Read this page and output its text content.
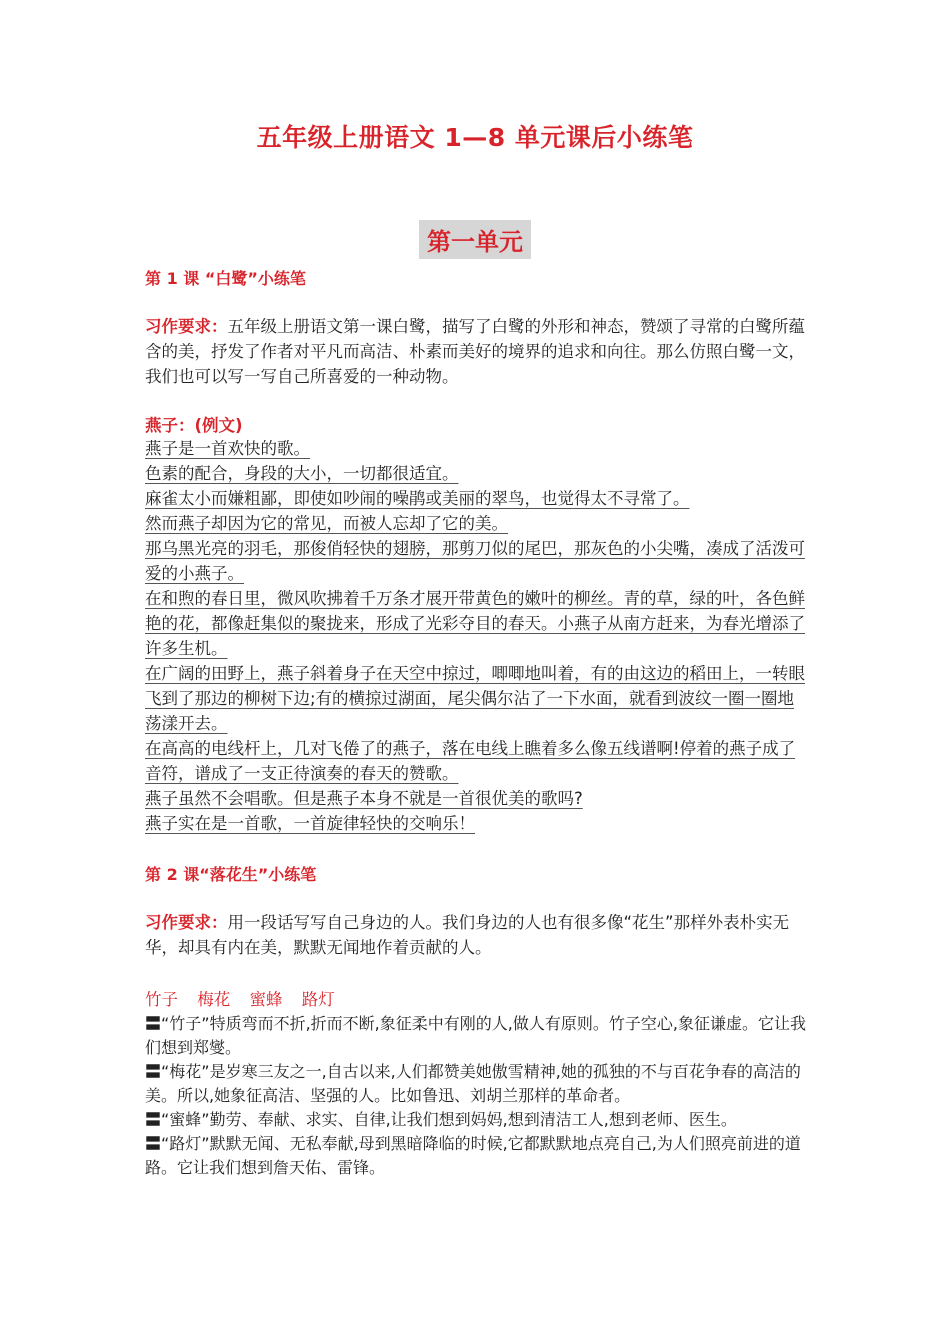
五年级上册语文 1—8 单元课后小练笔
第一单元
第 1 课 “白鹭”小练笔
习作要求：五年级上册语文第一课白鹭，描写了白鹭的外形和神态，赞颂了寻常的白鹭所蕴含的美，抒发了作者对平凡而高洁、朴素而美好的境界的追求和向往。那么仿照白鹭一文，我们也可以写一写自己所喜爱的一种动物。
燕子：(例文)
燕子是一首欢快的歌。
色素的配合，身段的大小，一切都很适宜。
麻雀太小而嫌粗鄙，即使如吵闹的噪鹃或美丽的翠鸟，也觉得太不寻常了。
然而燕子却因为它的常见，而被人忘却了它的美。
那乌黑光亮的羽毛，那俊俏轻快的翅膀，那剪刀似的尾巴，那灰色的小尖嘴，凑成了活泼可爱的小燕子。
在和煦的春日里，微风吹拂着千万条才展开带黄色的嫩叶的柳丝。青的草，绿的叶，各色鲜艳的花，都像赶集似的聚拢来，形成了光彩夺目的春天。小燕子从南方赶来，为春光增添了许多生机。
在广阔的田野上，燕子斜着身子在天空中掠过，唧唧地叫着，有的由这边的稻田上，一转眼飞到了那边的柳树下边;有的横掠过湖面，尾尖偶尔沾了一下水面，就看到波纹一圈一圈地荡漾开去。
在高高的电线杆上，几对飞倦了的燕子，落在电线上瞧着多么像五线谱啊!停着的燕子成了音符，谱成了一支正待演奏的春天的赞歌。
燕子虽然不会唱歌。但是燕子本身不就是一首很优美的歌吗?
燕子实在是一首歌，一首旋律轻快的交响乐！
第 2 课“落花生”小练笔
习作要求：用一段话写写自己身边的人。我们身边的人也有很多像“花生”那样外表朴实无华，却具有内在美，默默无闻地作着贡献的人。
竹子 梅花 蜜蜂 路灯
〓“竹子”特质弯而不折,折而不断,象征柔中有刚的人,做人有原则。竹子空心,象征谦虚。它让我们想到郑燮。
〓“梅花”是岁寒三友之一,自古以来,人们都赞美她傲雪精神,她的孤独的不与百花争春的高洁的美。所以,她象征高洁、坚强的人。比如鲁迅、刘胡兰那样的革命者。
〓“蜜蜂”勤劳、奉献、求实、自律,让我们想到妈妈,想到清洁工人,想到老师、医生。
〓“路灯”默默无闻、无私奉献,母到黑暗降临的时候,它都默默地点亮自己,为人们照亮前进的道路。它让我们想到詹天佑、雷锋。
